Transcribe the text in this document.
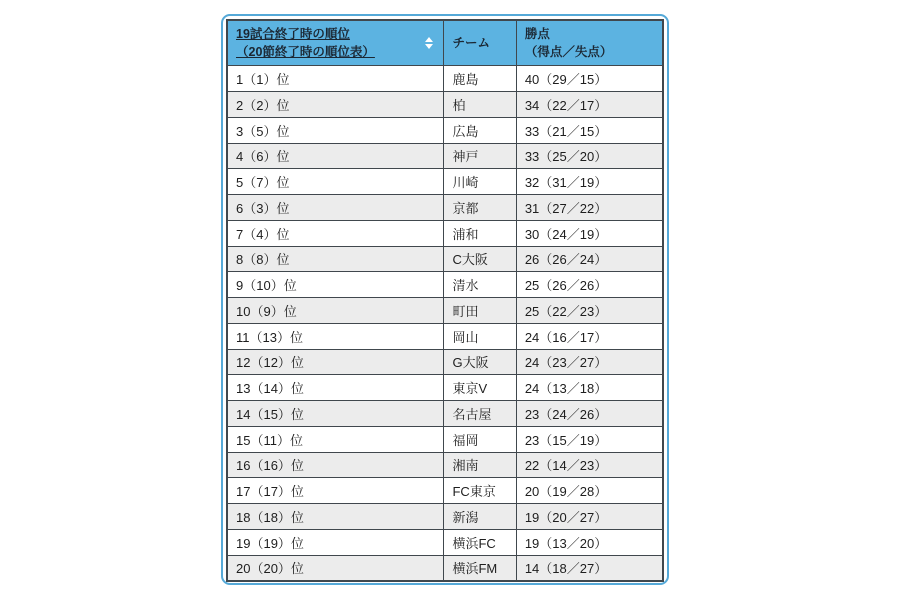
19試合終了時の順位
（20節終了時の順位表）	チーム	勝点
（得点／失点）
1（1）位	鹿島	40（29／15）
2（2）位	柏	34（22／17）
3（5）位	広島	33（21／15）
4（6）位	神戸	33（25／20）
5（7）位	川崎	32（31／19）
6（3）位	京都	31（27／22）
7（4）位	浦和	30（24／19）
8（8）位	C大阪	26（26／24）
9（10）位	清水	25（26／26）
10（9）位	町田	25（22／23）
11（13）位	岡山	24（16／17）
12（12）位	G大阪	24（23／27）
13（14）位	東京V	24（13／18）
14（15）位	名古屋	23（24／26）
15（11）位	福岡	23（15／19）
16（16）位	湘南	22（14／23）
17（17）位	FC東京	20（19／28）
18（18）位	新潟	19（20／27）
19（19）位	横浜FC	19（13／20）
20（20）位	横浜FM	14（18／27）
